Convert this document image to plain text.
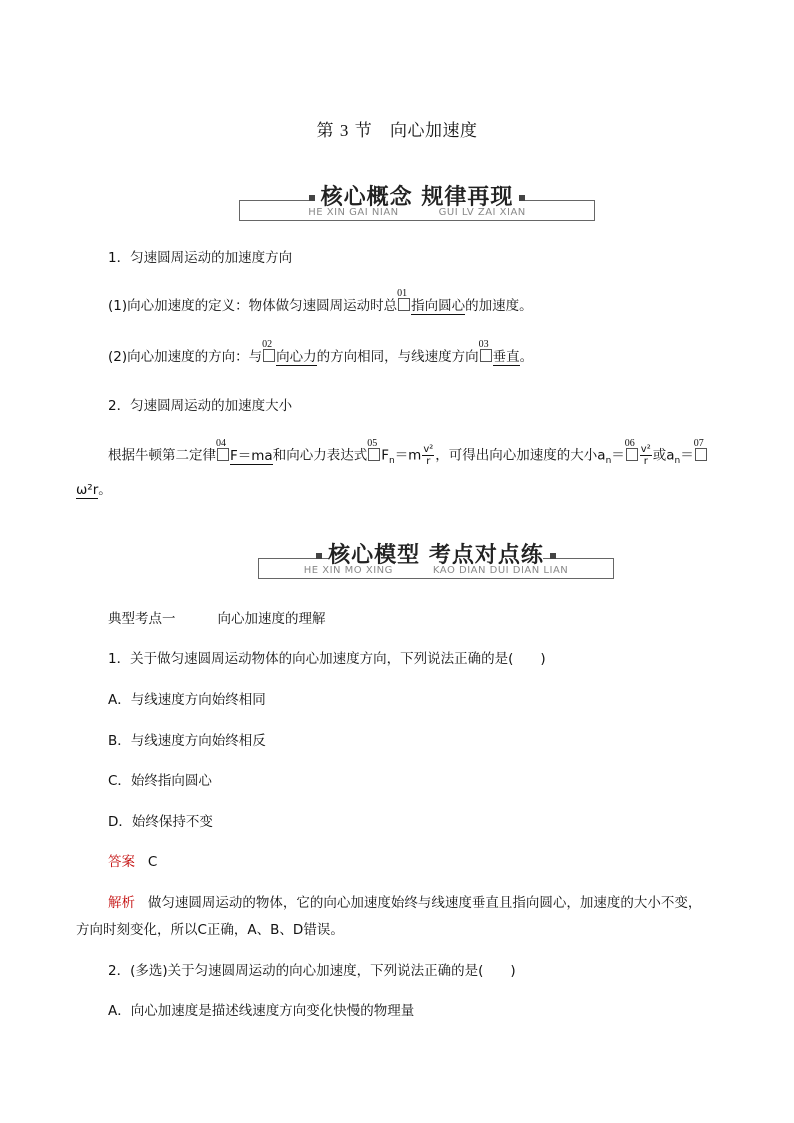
第 3 节 向心加速度
核心概念 规律再现
HE XIN GAI NIAN	GUI LV ZAI XIAN
1．匀速圆周运动的加速度方向
(1)向心加速度的定义：物体做匀速圆周运动时总
01
指向圆心的加速度。
(2)向心加速度的方向：与
02
向心力的方向相同，与线速度方向
03
垂直。
2．匀速圆周运动的加速度大小
根据牛顿第二定律
04
F＝ma和向心力表达式
05
$F_n=m \frac{\text{v²}}{r}$ ，可得出向心加速度的大小$a_n=$
06
$\frac{\text{v²}}{r}$ 或$a_n=$
07
ω²r。
核心模型 考点对点练
HE XIN MO XING	KAO DIAN DUI DIAN LIAN
典型考点一	向心加速度的理解
1．关于做匀速圆周运动物体的向心加速度方向，下列说法正确的是(　　)
A．与线速度方向始终相同
B．与线速度方向始终相反
C．始终指向圆心
D．始终保持不变
答案 C
解析 做匀速圆周运动的物体，它的向心加速度始终与线速度垂直且指向圆心，加速度的大小不变，
方向时刻变化，所以C正确，A、B、D错误。
2．(多选)关于匀速圆周运动的向心加速度，下列说法正确的是(　　)
A．向心加速度是描述线速度方向变化快慢的物理量
